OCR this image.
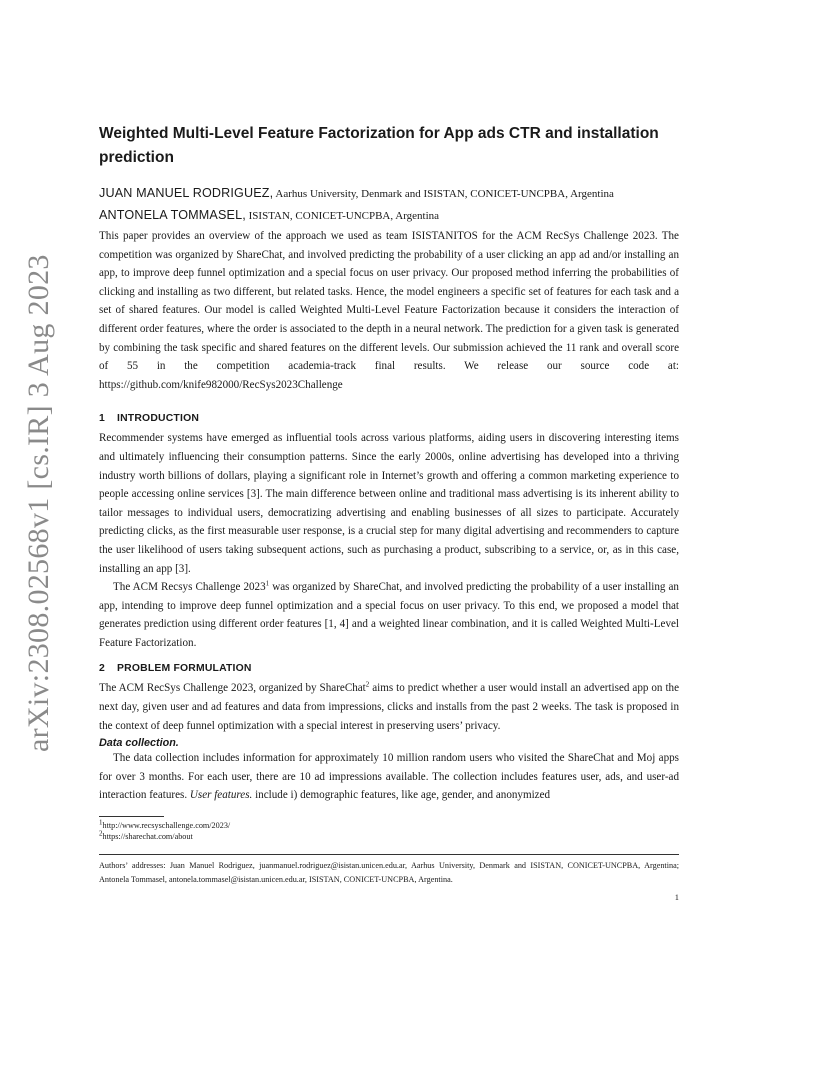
arXiv:2308.02568v1 [cs.IR] 3 Aug 2023
Weighted Multi-Level Feature Factorization for App ads CTR and installation prediction
JUAN MANUEL RODRIGUEZ, Aarhus University, Denmark and ISISTAN, CONICET-UNCPBA, Argentina
ANTONELA TOMMASEL, ISISTAN, CONICET-UNCPBA, Argentina

This paper provides an overview of the approach we used as team ISISTANITOS for the ACM RecSys Challenge 2023. The competition was organized by ShareChat, and involved predicting the probability of a user clicking an app ad and/or installing an app, to improve deep funnel optimization and a special focus on user privacy. Our proposed method inferring the probabilities of clicking and installing as two different, but related tasks. Hence, the model engineers a specific set of features for each task and a set of shared features. Our model is called Weighted Multi-Level Feature Factorization because it considers the interaction of different order features, where the order is associated to the depth in a neural network. The prediction for a given task is generated by combining the task specific and shared features on the different levels. Our submission achieved the 11 rank and overall score of 55 in the competition academia-track final results. We release our source code at: https://github.com/knife982000/RecSys2023Challenge

1 INTRODUCTION

Recommender systems have emerged as influential tools across various platforms, aiding users in discovering interesting items and ultimately influencing their consumption patterns. Since the early 2000s, online advertising has developed into a thriving industry worth billions of dollars, playing a significant role in Internet’s growth and offering a common marketing experience to people accessing online services [3]. The main difference between online and traditional mass advertising is its inherent ability to tailor messages to individual users, democratizing advertising and enabling businesses of all sizes to participate. Accurately predicting clicks, as the first measurable user response, is a crucial step for many digital advertising and recommenders to capture the user likelihood of users taking subsequent actions, such as purchasing a product, subscribing to a service, or, as in this case, installing an app [3].

The ACM Recsys Challenge 2023$^1$ was organized by ShareChat, and involved predicting the probability of a user installing an app, intending to improve deep funnel optimization and a special focus on user privacy. To this end, we proposed a model that generates prediction using different order features [1, 4] and a weighted linear combination, and it is called Weighted Multi-Level Feature Factorization.

2 PROBLEM FORMULATION

The ACM RecSys Challenge 2023, organized by ShareChat$^2$ aims to predict whether a user would install an advertised app on the next day, given user and ad features and data from impressions, clicks and installs from the past 2 weeks. The task is proposed in the context of deep funnel optimization with a special interest in preserving users’ privacy.

Data collection.

The data collection includes information for approximately 10 million random users who visited the ShareChat and Moj apps for over 3 months. For each user, there are 10 ad impressions available. The collection includes features user, ads, and user-ad interaction features. User features. include i) demographic features, like age, gender, and anonymized

$^1$http://www.recsyschallenge.com/2023/
$^2$https://sharechat.com/about
Authors’ addresses: Juan Manuel Rodriguez, juanmanuel.rodriguez@isistan.unicen.edu.ar, Aarhus University, Denmark and ISISTAN, CONICET-UNCPBA, Argentina; Antonela Tommasel, antonela.tommasel@isistan.unicen.edu.ar, ISISTAN, CONICET-UNCPBA, Argentina.
1
